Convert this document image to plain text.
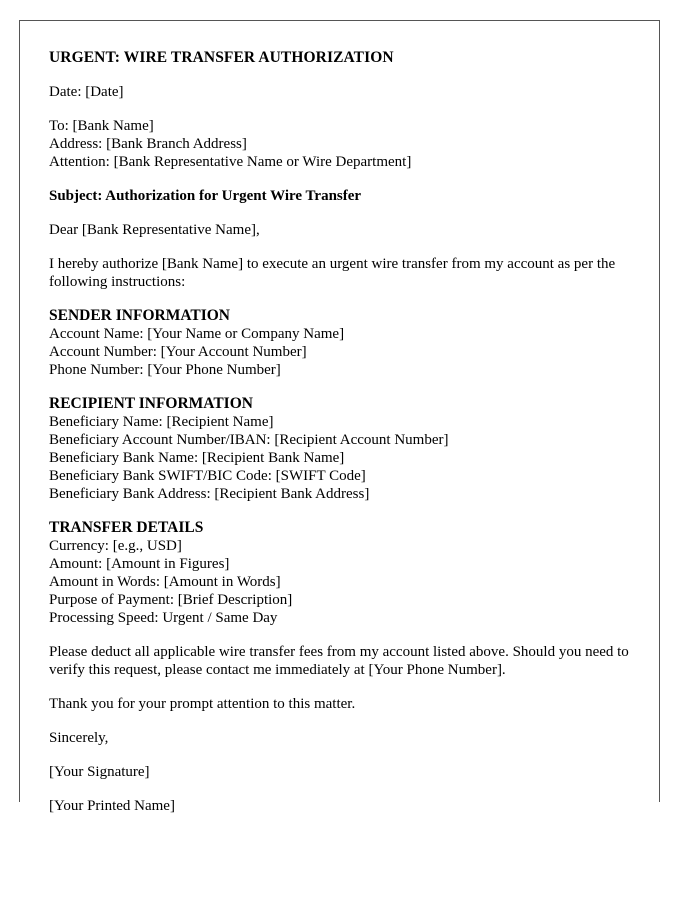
URGENT: WIRE TRANSFER AUTHORIZATION
Date: [Date]
To: [Bank Name]
Address: [Bank Branch Address]
Attention: [Bank Representative Name or Wire Department]
Subject: Authorization for Urgent Wire Transfer
Dear [Bank Representative Name],
I hereby authorize [Bank Name] to execute an urgent wire transfer from my account as per the following instructions:
SENDER INFORMATION
Account Name: [Your Name or Company Name]
Account Number: [Your Account Number]
Phone Number: [Your Phone Number]
RECIPIENT INFORMATION
Beneficiary Name: [Recipient Name]
Beneficiary Account Number/IBAN: [Recipient Account Number]
Beneficiary Bank Name: [Recipient Bank Name]
Beneficiary Bank SWIFT/BIC Code: [SWIFT Code]
Beneficiary Bank Address: [Recipient Bank Address]
TRANSFER DETAILS
Currency: [e.g., USD]
Amount: [Amount in Figures]
Amount in Words: [Amount in Words]
Purpose of Payment: [Brief Description]
Processing Speed: Urgent / Same Day
Please deduct all applicable wire transfer fees from my account listed above. Should you need to verify this request, please contact me immediately at [Your Phone Number].
Thank you for your prompt attention to this matter.
Sincerely,
[Your Signature]
[Your Printed Name]
